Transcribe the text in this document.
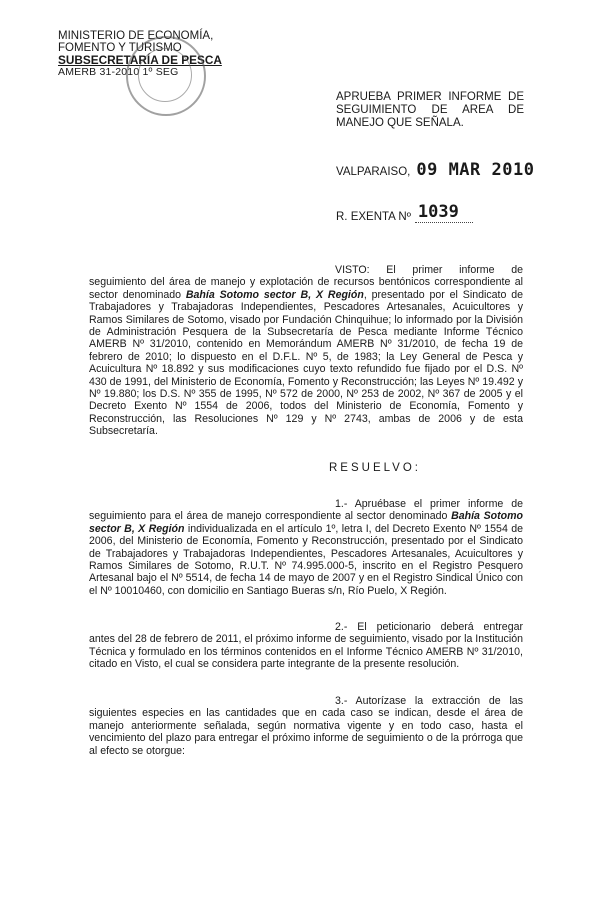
MINISTERIO DE ECONOMÍA,
FOMENTO Y TURISMO
SUBSECRETARÍA DE PESCA
AMERB 31-2010 1º SEG
APRUEBA PRIMER INFORME DE SEGUIMIENTO DE AREA DE MANEJO QUE SEÑALA.
VALPARAISO, 09 MAR 2010
R. EXENTA Nº 1039
VISTO: El primer informe de seguimiento del área de manejo y explotación de recursos bentónicos correspondiente al sector denominado Bahía Sotomo sector B, X Región, presentado por el Sindicato de Trabajadores y Trabajadoras Independientes, Pescadores Artesanales, Acuicultores y Ramos Similares de Sotomo, visado por Fundación Chinquihue; lo informado por la División de Administración Pesquera de la Subsecretaría de Pesca mediante Informe Técnico AMERB Nº 31/2010, contenido en Memorándum AMERB Nº 31/2010, de fecha 19 de febrero de 2010; lo dispuesto en el D.F.L. Nº 5, de 1983; la Ley General de Pesca y Acuicultura Nº 18.892 y sus modificaciones cuyo texto refundido fue fijado por el D.S. Nº 430 de 1991, del Ministerio de Economía, Fomento y Reconstrucción; las Leyes Nº 19.492 y Nº 19.880; los D.S. Nº 355 de 1995, Nº 572 de 2000, Nº 253 de 2002, Nº 367 de 2005 y el Decreto Exento Nº 1554 de 2006, todos del Ministerio de Economía, Fomento y Reconstrucción, las Resoluciones Nº 129 y Nº 2743, ambas de 2006 y de esta Subsecretaría.
RESUELVO:
1.- Apruébase el primer informe de seguimiento para el área de manejo correspondiente al sector denominado Bahía Sotomo sector B, X Región individualizada en el artículo 1º, letra I, del Decreto Exento Nº 1554 de 2006, del Ministerio de Economía, Fomento y Reconstrucción, presentado por el Sindicato de Trabajadores y Trabajadoras Independientes, Pescadores Artesanales, Acuicultores y Ramos Similares de Sotomo, R.U.T. Nº 74.995.000-5, inscrito en el Registro Pesquero Artesanal bajo el Nº 5514, de fecha 14 de mayo de 2007 y en el Registro Sindical Único con el Nº 10010460, con domicilio en Santiago Bueras s/n, Río Puelo, X Región.
2.- El peticionario deberá entregar antes del 28 de febrero de 2011, el próximo informe de seguimiento, visado por la Institución Técnica y formulado en los términos contenidos en el Informe Técnico AMERB Nº 31/2010, citado en Visto, el cual se considera parte integrante de la presente resolución.
3.- Autorízase la extracción de las siguientes especies en las cantidades que en cada caso se indican, desde el área de manejo anteriormente señalada, según normativa vigente y en todo caso, hasta el vencimiento del plazo para entregar el próximo informe de seguimiento o de la prórroga que al efecto se otorgue:
